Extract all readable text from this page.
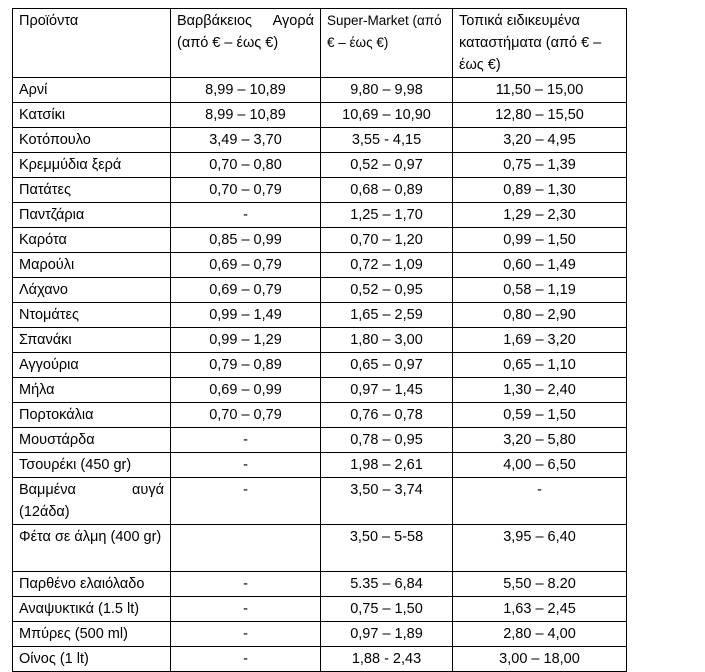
Προϊόντα	Βαρβάκειος Αγορά (από € – έως €)	Super-Market (από € – έως €)	Τοπικά ειδικευμένα καταστήματα (από € – έως €)
Αρνί	8,99 – 10,89	9,80 – 9,98	11,50 – 15,00
Κατσίκι	8,99 – 10,89	10,69 – 10,90	12,80 – 15,50
Κοτόπουλο	3,49 – 3,70	3,55 - 4,15	3,20 – 4,95
Κρεμμύδια ξερά	0,70 – 0,80	0,52 – 0,97	0,75 – 1,39
Πατάτες	0,70 – 0,79	0,68 – 0,89	0,89 – 1,30
Παντζάρια	-	1,25 – 1,70	1,29 – 2,30
Καρότα	0,85 – 0,99	0,70 – 1,20	0,99 – 1,50
Μαρούλι	0,69 – 0,79	0,72 – 1,09	0,60 – 1,49
Λάχανο	0,69 – 0,79	0,52 – 0,95	0,58 – 1,19
Ντομάτες	0,99 – 1,49	1,65 – 2,59	0,80 – 2,90
Σπανάκι	0,99 – 1,29	1,80 – 3,00	1,69 – 3,20
Αγγούρια	0,79 – 0,89	0,65 – 0,97	0,65 – 1,10
Μήλα	0,69 – 0,99	0,97 – 1,45	1,30 – 2,40
Πορτοκάλια	0,70 – 0,79	0,76 – 0,78	0,59 – 1,50
Μουστάρδα	-	0,78 – 0,95	3,20 – 5,80
Τσουρέκι (450 gr)	-	1,98 – 2,61	4,00 – 6,50
Βαμμένα αυγά (12άδα)	-	3,50 – 3,74	-
Φέτα σε άλμη (400 gr)		3,50 – 5-58	3,95 – 6,40
Παρθένο ελαιόλαδο	-	5.35 – 6,84	5,50 – 8.20
Αναψυκτικά (1.5 lt)	-	0,75 – 1,50	1,63 – 2,45
Μπύρες (500 ml)	-	0,97 – 1,89	2,80 – 4,00
Οίνος (1 lt)	-	1,88 - 2,43	3,00 – 18,00
